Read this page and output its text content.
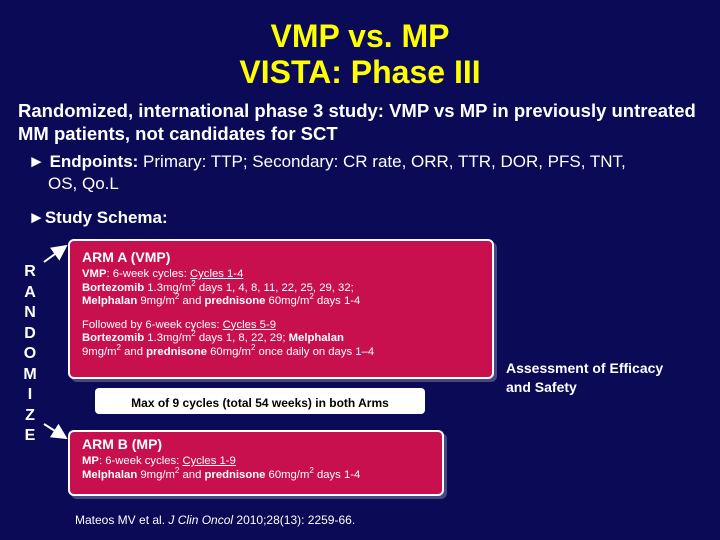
VMP vs. MP
VISTA: Phase III
Randomized, international phase 3 study: VMP vs MP in previously untreated MM patients, not candidates for SCT
► Endpoints: Primary: TTP; Secondary: CR rate, ORR, TTR, DOR, PFS, TNT,
OS, Qo.L
►Study Schema:
R
A
N
D
O
M
I
Z
E
ARM A (VMP)
VMP: 6-week cycles: Cycles 1-4
Bortezomib $1.3mg/m^2$ days 1, 4, 8, 11, 22, 25, 29, 32;
Melphalan $9mg/m^2$ and prednisone $60mg/m^2$ days 1-4
Followed by 6-week cycles: Cycles 5-9
Bortezomib $1.3mg/m^2$ days 1, 8, 22, 29; Melphalan
$9mg/m^2$ and prednisone $60mg/m^2$ once daily on days 1–4
Max of 9 cycles (total 54 weeks) in both Arms
ARM B (MP)
MP: 6-week cycles: Cycles 1-9
Melphalan $9mg/m^2$ and prednisone $60mg/m^2$ days 1-4
Assessment of Efficacy
and Safety
Mateos MV et al. J Clin Oncol 2010;28(13): 2259-66.
